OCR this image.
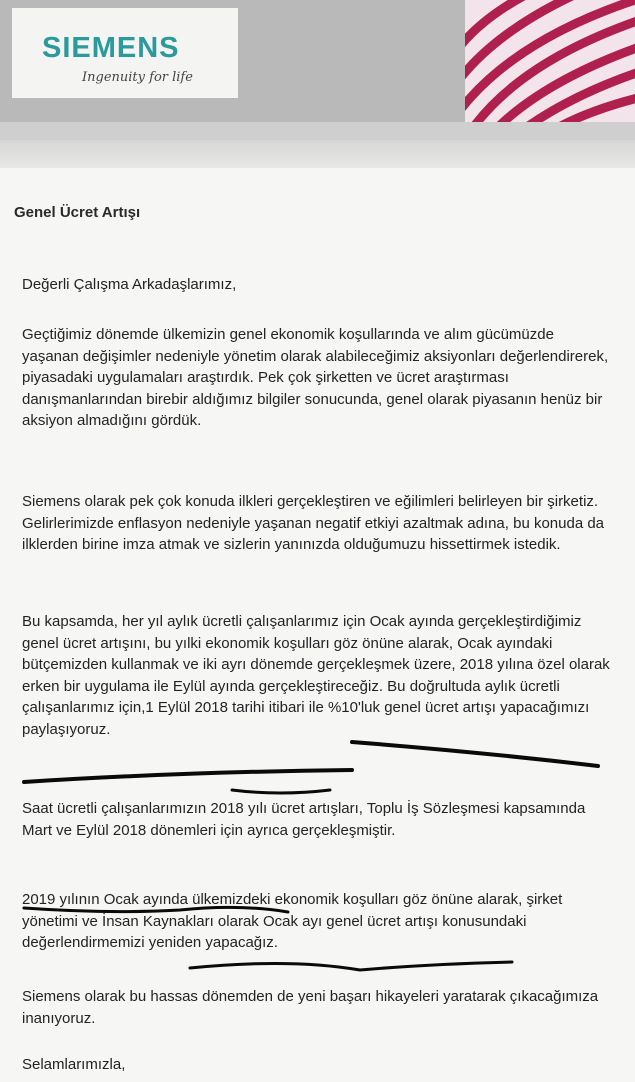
SIEMENS
Ingenuity for life
Genel Ücret Artışı
Değerli Çalışma Arkadaşlarımız,
Geçtiğimiz dönemde ülkemizin genel ekonomik koşullarında ve alım gücümüzde yaşanan değişimler nedeniyle yönetim olarak alabileceğimiz aksiyonları değerlendirerek, piyasadaki uygulamaları araştırdık. Pek çok şirketten ve ücret araştırması danışmanlarından birebir aldığımız bilgiler sonucunda, genel olarak piyasanın henüz bir aksiyon almadığını gördük.
Siemens olarak pek çok konuda ilkleri gerçekleştiren ve eğilimleri belirleyen bir şirketiz. Gelirlerimizde enflasyon nedeniyle yaşanan negatif etkiyi azaltmak adına, bu konuda da ilklerden birine imza atmak ve sizlerin yanınızda olduğumuzu hissettirmek istedik.
Bu kapsamda, her yıl aylık ücretli çalışanlarımız için Ocak ayında gerçekleştirdiğimiz genel ücret artışını, bu yılki ekonomik koşulları göz önüne alarak, Ocak ayındaki bütçemizden kullanmak ve iki ayrı dönemde gerçekleşmek üzere, 2018 yılına özel olarak erken bir uygulama ile Eylül ayında gerçekleştireceğiz. Bu doğrultuda aylık ücretli çalışanlarımız için,1 Eylül 2018 tarihi itibari ile %10'luk genel ücret artışı yapacağımızı paylaşıyoruz.
Saat ücretli çalışanlarımızın 2018 yılı ücret artışları, Toplu İş Sözleşmesi kapsamında Mart ve Eylül 2018 dönemleri için ayrıca gerçekleşmiştir.
2019 yılının Ocak ayında ülkemizdeki ekonomik koşulları göz önüne alarak, şirket yönetimi ve İnsan Kaynakları olarak Ocak ayı genel ücret artışı konusundaki değerlendirmemizi yeniden yapacağız.
Siemens olarak bu hassas dönemden de yeni başarı hikayeleri yaratarak çıkacağımıza inanıyoruz.
Selamlarımızla,
